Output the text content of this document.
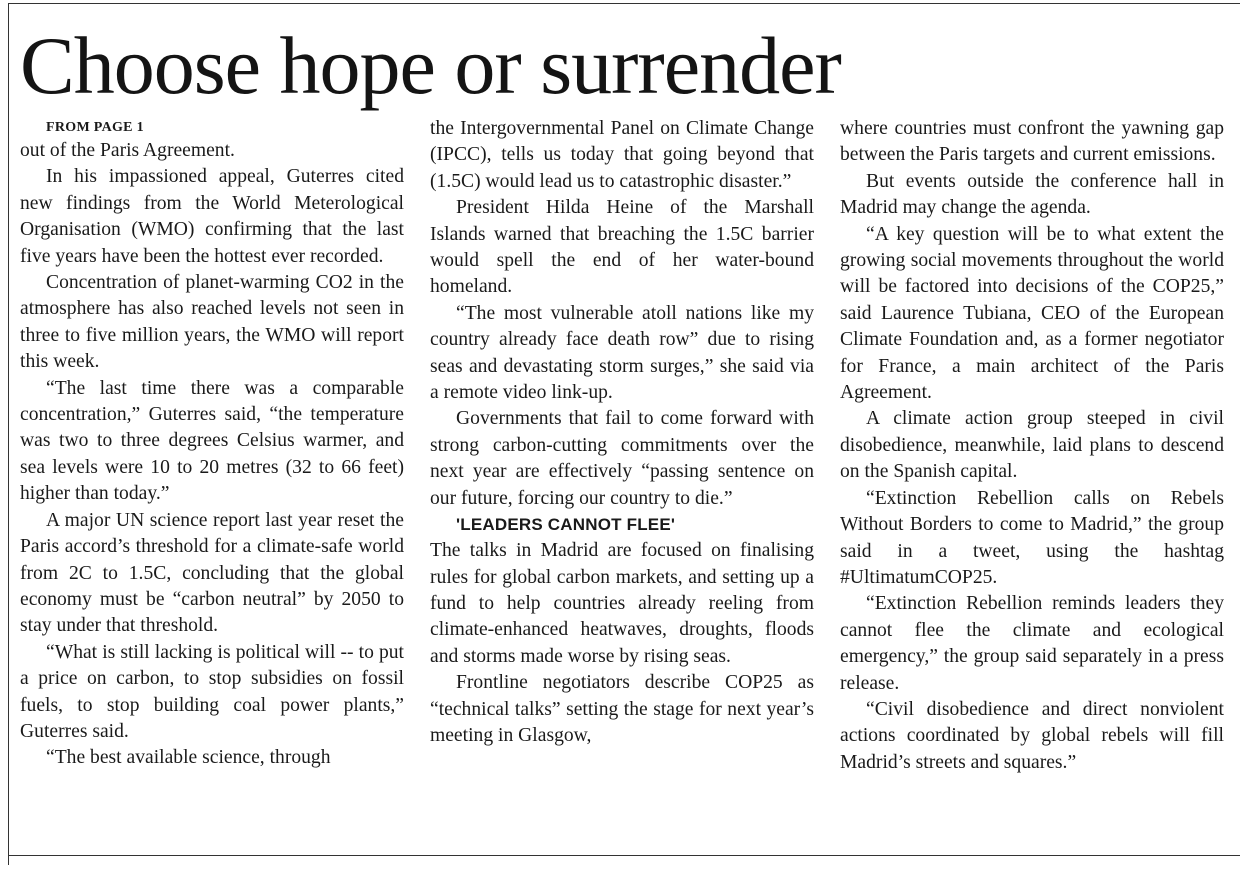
Choose hope or surrender

FROM PAGE 1

out of the Paris Agreement.

In his impassioned appeal, Guterres cited new findings from the World Meterological Organisation (WMO) confirming that the last five years have been the hottest ever recorded.

Concentration of planet-warming CO2 in the atmosphere has also reached levels not seen in three to five million years, the WMO will report this week.

“The last time there was a comparable concentration,” Guterres said, “the temperature was two to three degrees Celsius warmer, and sea levels were 10 to 20 metres (32 to 66 feet) higher than today.”

A major UN science report last year reset the Paris accord’s threshold for a climate-safe world from 2C to 1.5C, concluding that the global economy must be “carbon neutral” by 2050 to stay under that threshold.

“What is still lacking is political will -- to put a price on carbon, to stop subsidies on fossil fuels, to stop building coal power plants,” Guterres said.

“The best available science, through

the Intergovernmental Panel on Climate Change (IPCC), tells us today that going beyond that (1.5C) would lead us to catastrophic disaster.”

President Hilda Heine of the Marshall Islands warned that breaching the 1.5C barrier would spell the end of her water-bound homeland.

“The most vulnerable atoll nations like my country already face death row” due to rising seas and devastating storm surges,” she said via a remote video link-up.

Governments that fail to come forward with strong carbon-cutting commitments over the next year are effectively “passing sentence on our future, forcing our country to die.”

'LEADERS CANNOT FLEE'

The talks in Madrid are focused on finalising rules for global carbon markets, and setting up a fund to help countries already reeling from climate-enhanced heatwaves, droughts, floods and storms made worse by rising seas.

Frontline negotiators describe COP25 as “technical talks” setting the stage for next year’s meeting in Glasgow,

where countries must confront the yawning gap between the Paris targets and current emissions.

But events outside the conference hall in Madrid may change the agenda.

“A key question will be to what extent the growing social movements throughout the world will be factored into decisions of the COP25,” said Laurence Tubiana, CEO of the European Climate Foundation and, as a former negotiator for France, a main architect of the Paris Agreement.

A climate action group steeped in civil disobedience, meanwhile, laid plans to descend on the Spanish capital.

“Extinction Rebellion calls on Rebels Without Borders to come to Madrid,” the group said in a tweet, using the hashtag #UltimatumCOP25.

“Extinction Rebellion reminds leaders they cannot flee the climate and ecological emergency,” the group said separately in a press release.

“Civil disobedience and direct nonviolent actions coordinated by global rebels will fill Madrid’s streets and squares.”
